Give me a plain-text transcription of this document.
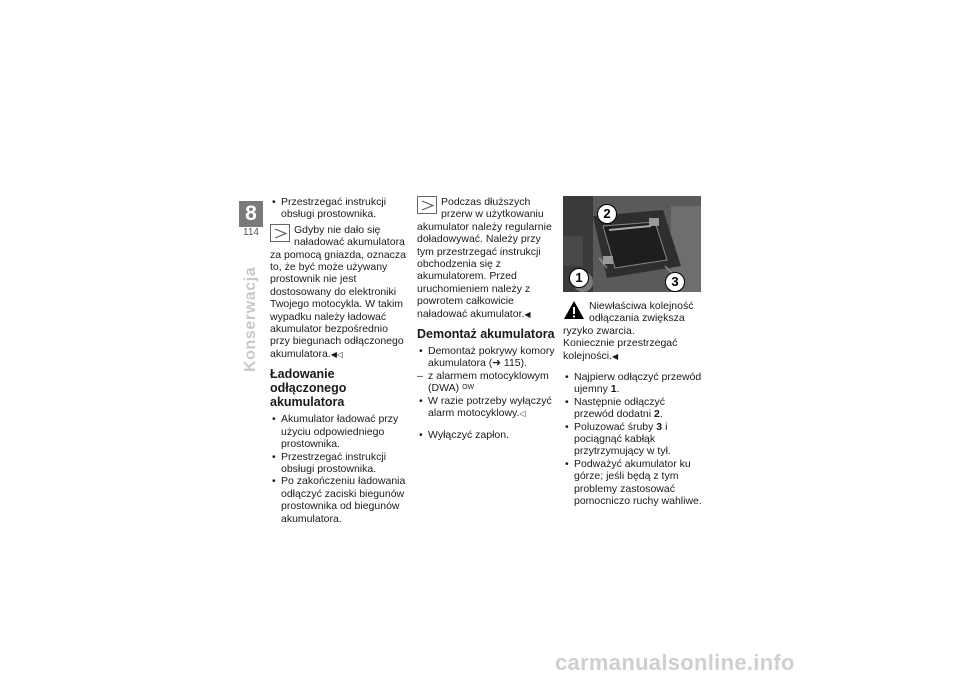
8
114
Konserwacja

• Przestrzegać instrukcji obsługi prostownika.

Gdyby nie dało się naładować akumulatora za pomocą gniazda, oznacza to, że być może używany prostownik nie jest dostosowany do elektroniki Twojego motocykla. W takim wypadku należy ładować akumulator bezpośrednio przy biegunach odłączonego akumulatora.◀◁
Ładowanie odłączonego akumulatora

• Akumulator ładować przy użyciu odpowiedniego prostownika.

• Przestrzegać instrukcji obsługi prostownika.

• Po zakończeniu ładowania odłączyć zaciski biegunów prostownika od biegunów akumulatora.

Podczas dłuższych przerw w użytkowaniu akumulator należy regularnie doładowywać. Należy przy tym przestrzegać instrukcji obchodzenia się z akumulatorem. Przed uruchomieniem należy z powrotem całkowicie naładować akumulator.◀
Demontaż akumulatora

• Demontaż pokrywy komory akumulatora (➜ 115).

– z alarmem motocyklowym (DWA) $^{OW}$

• W razie potrzeby wyłączyć alarm motocyklowy.◁

• Wyłączyć zapłon.

2
1	3
Niewłaściwa kolejność odłączania zwiększa ryzyko zwarcia.
Koniecznie przestrzegać kolejności.◀

• Najpierw odłączyć przewód ujemny 1.

• Następnie odłączyć przewód dodatni 2.

• Poluzować śruby 3 i pociągnąć kabłąk przytrzymujący w tył.

• Podważyć akumulator ku górze; jeśli będą z tym problemy zastosować pomocniczo ruchy wahliwe.

carmanualsonline.info
